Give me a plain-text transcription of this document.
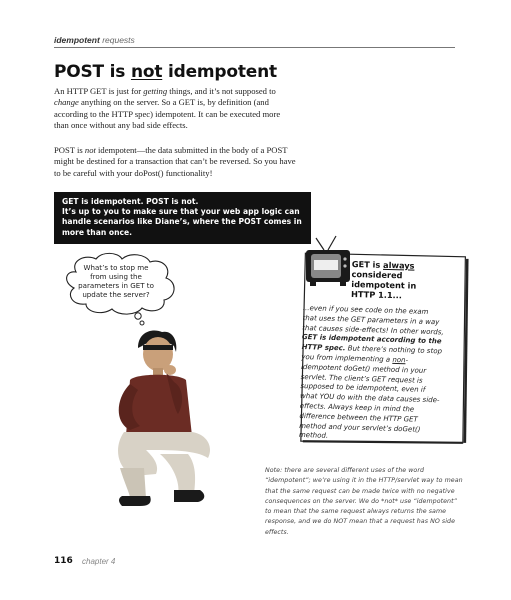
idempotent requests
POST is not idempotent
An HTTP GET is just for getting things, and it’s not supposed to change anything on the server. So a GET is, by definition (and according to the HTTP spec) idempotent. It can be executed more than once without any bad side effects.
POST is not idempotent—the data submitted in the body of a POST might be destined for a transaction that can’t be reversed. So you have to be careful with your doPost() functionality!
GET is idempotent. POST is not.
It’s up to you to make sure that your web app logic can handle scenarios like Diane’s, where the POST comes in more than once.
What’s to stop me from using the parameters in GET to update the server?
GET is always considered idempotent in HTTP 1.1...
...even if you see code on the exam that uses the GET parameters in a way that causes side-effects! In other words, GET is idempotent according to the HTTP spec. But there’s nothing to stop you from implementing a non-idempotent doGet() method in your servlet. The client’s GET request is supposed to be idempotent, even if what YOU do with the data causes side-effects. Always keep in mind the difference between the HTTP GET method and your servlet’s doGet() method.
Note: there are several different uses of the word “idempotent”; we’re using it in the HTTP/servlet way to mean that the same request can be made twice with no negative consequences on the server. We do *not* use “idempotent” to mean that the same request always returns the same response, and we do NOT mean that a request has NO side effects.
116 chapter 4
